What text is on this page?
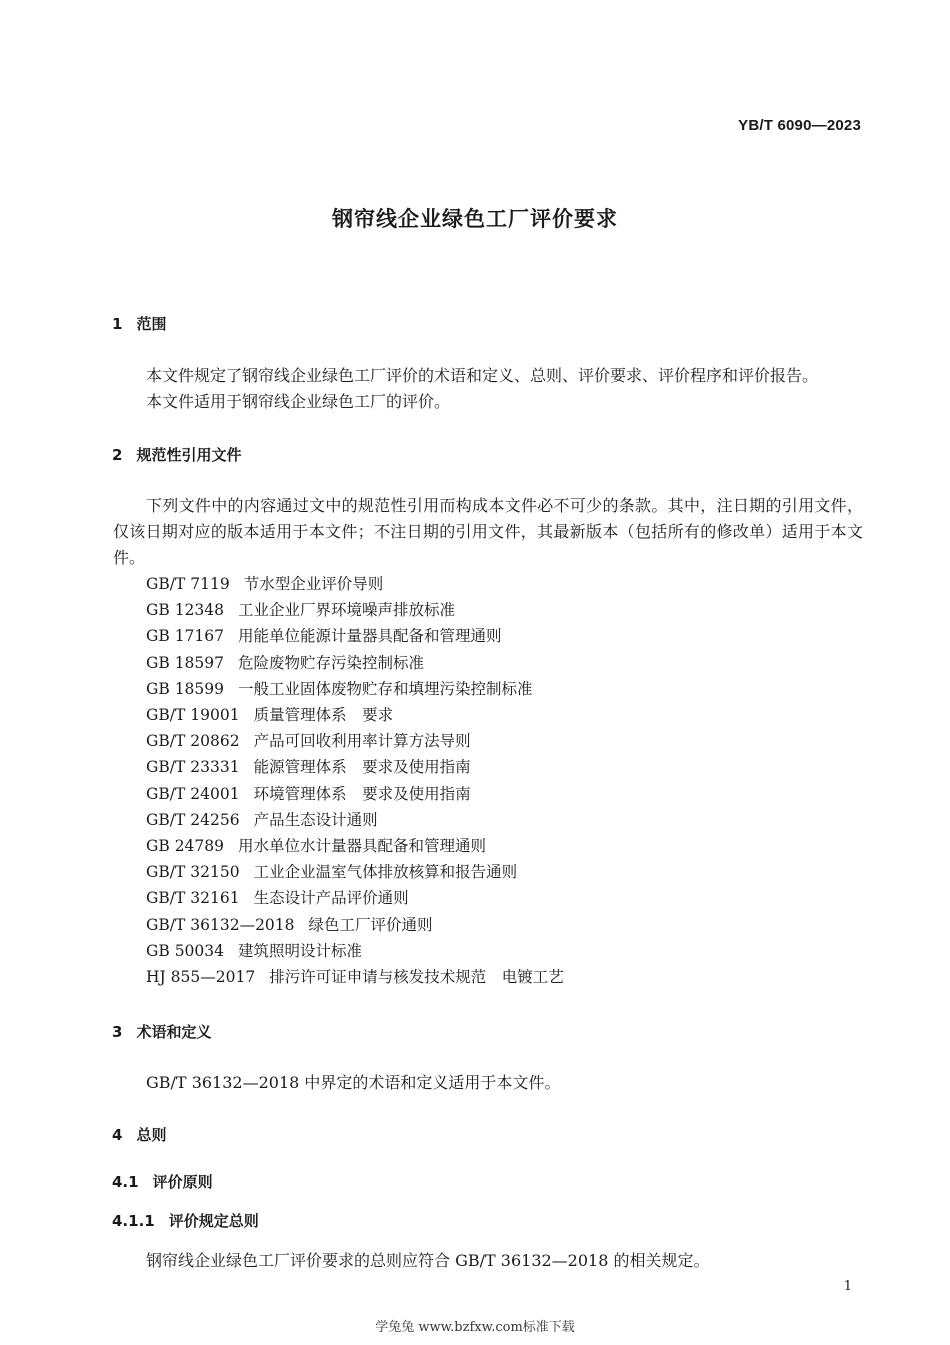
YB/T 6090—2023
钢帘线企业绿色工厂评价要求
1 范围
本文件规定了钢帘线企业绿色工厂评价的术语和定义、总则、评价要求、评价程序和评价报告。
本文件适用于钢帘线企业绿色工厂的评价。
2 规范性引用文件
下列文件中的内容通过文中的规范性引用而构成本文件必不可少的条款。其中，注日期的引用文件，仅该日期对应的版本适用于本文件；不注日期的引用文件，其最新版本（包括所有的修改单）适用于本文件。
GB/T 7119 节水型企业评价导则
GB 12348 工业企业厂界环境噪声排放标准
GB 17167 用能单位能源计量器具配备和管理通则
GB 18597 危险废物贮存污染控制标准
GB 18599 一般工业固体废物贮存和填埋污染控制标准
GB/T 19001 质量管理体系　要求
GB/T 20862 产品可回收利用率计算方法导则
GB/T 23331 能源管理体系　要求及使用指南
GB/T 24001 环境管理体系　要求及使用指南
GB/T 24256 产品生态设计通则
GB 24789 用水单位水计量器具配备和管理通则
GB/T 32150 工业企业温室气体排放核算和报告通则
GB/T 32161 生态设计产品评价通则
GB/T 36132—2018 绿色工厂评价通则
GB 50034 建筑照明设计标准
HJ 855—2017 排污许可证申请与核发技术规范　电镀工艺
3 术语和定义
GB/T 36132—2018 中界定的术语和定义适用于本文件。
4 总则
4.1 评价原则
4.1.1 评价规定总则
钢帘线企业绿色工厂评价要求的总则应符合 GB/T 36132—2018 的相关规定。
1
学兔兔 www.bzfxw.com标准下载
